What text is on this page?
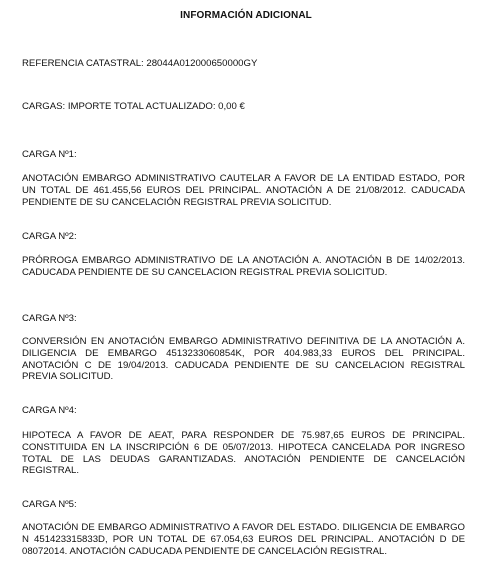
INFORMACIÓN ADICIONAL
REFERENCIA CATASTRAL: 28044A012000650000GY
CARGAS: IMPORTE TOTAL ACTUALIZADO: 0,00 €
CARGA Nº1:
ANOTACIÓN EMBARGO ADMINISTRATIVO CAUTELAR A FAVOR DE LA ENTIDAD ESTADO, POR UN TOTAL DE 461.455,56 EUROS DEL PRINCIPAL. ANOTACIÓN A DE 21/08/2012. CADUCADA PENDIENTE DE SU CANCELACIÓN REGISTRAL PREVIA SOLICITUD.
CARGA Nº2:
PRÓRROGA EMBARGO ADMINISTRATIVO DE LA ANOTACIÓN A. ANOTACIÓN B DE 14/02/2013. CADUCADA PENDIENTE DE SU CANCELACION REGISTRAL PREVIA SOLICITUD.
CARGA Nº3:
CONVERSIÓN EN ANOTACIÓN EMBARGO ADMINISTRATIVO DEFINITIVA DE LA ANOTACIÓN A. DILIGENCIA DE EMBARGO 4513233060854K, POR 404.983,33 EUROS DEL PRINCIPAL. ANOTACIÓN C DE 19/04/2013. CADUCADA PENDIENTE DE SU CANCELACION REGISTRAL PREVIA SOLICITUD.
CARGA Nº4:
HIPOTECA A FAVOR DE AEAT, PARA RESPONDER DE 75.987,65 EUROS DE PRINCIPAL. CONSTITUIDA EN LA INSCRIPCIÓN 6 DE 05/07/2013. HIPOTECA CANCELADA POR INGRESO TOTAL DE LAS DEUDAS GARANTIZADAS. ANOTACIÓN PENDIENTE DE CANCELACIÓN REGISTRAL.
CARGA Nº5:
ANOTACIÓN DE EMBARGO ADMINISTRATIVO A FAVOR DEL ESTADO. DILIGENCIA DE EMBARGO N 451423315833D, POR UN TOTAL DE 67.054,63 EUROS DEL PRINCIPAL. ANOTACIÓN D DE 08072014. ANOTACIÓN CADUCADA PENDIENTE DE CANCELACIÓN REGISTRAL.
